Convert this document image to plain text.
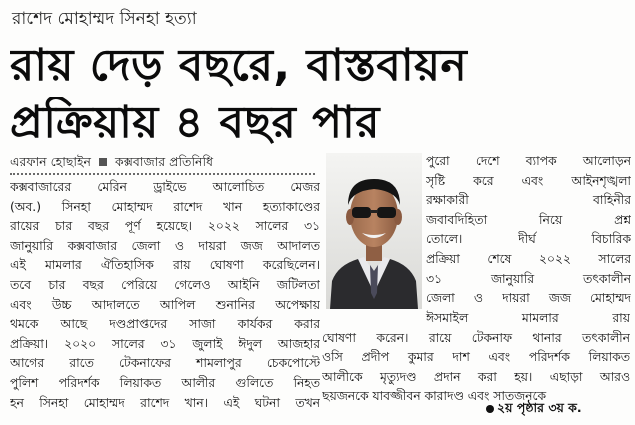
রাশেদ মোহাম্মদ সিনহা হত্যা
রায় দেড় বছরে, বাস্তবায়ন
প্রক্রিয়ায় ৪ বছর পার
এরফান হোছাইন কক্সবাজার প্রতিনিধি
কক্সবাজারের মেরিন ড্রাইভে আলোচিত মেজর
(অব.) সিনহা মোহাম্মদ রাশেদ খান হত্যাকাণ্ডের
রায়ের চার বছর পূর্ণ হয়েছে। ২০২২ সালের ৩১
জানুয়ারি কক্সবাজার জেলা ও দায়রা জজ আদালত
এই মামলার ঐতিহাসিক রায় ঘোষণা করেছিলেন।
তবে চার বছর পেরিয়ে গেলেও আইনি জটিলতা
এবং উচ্চ আদালতে আপিল শুনানির অপেক্ষায়
থমকে আছে দণ্ডপ্রাপ্তদের সাজা কার্যকর করার
প্রক্রিয়া। ২০২০ সালের ৩১ জুলাই ঈদুল আজহার
আগের রাতে টেকনাফের শামলাপুর চেকপোস্টে
পুলিশ পরিদর্শক লিয়াকত আলীর গুলিতে নিহত
হন সিনহা মোহাম্মদ রাশেদ খান। এই ঘটনা তখন
পুরো দেশে ব্যাপক আলোড়ন
সৃষ্টি করে এবং আইনশৃঙ্খলা
রক্ষাকারী বাহিনীর
জবাবদিহিতা নিয়ে প্রশ্ন
তোলে। দীর্ঘ বিচারিক
প্রক্রিয়া শেষে ২০২২ সালের
৩১ জানুয়ারি তৎকালীন
জেলা ও দায়রা জজ মোহাম্মদ
ঈসমাইল মামলার রায়
ঘোষণা করেন। রায়ে টেকনাফ থানার তৎকালীন
ওসি প্রদীপ কুমার দাশ এবং পরিদর্শক লিয়াকত
আলীকে মৃত্যুদণ্ড প্রদান করা হয়। এছাড়া আরও
ছয়জনকে যাবজ্জীবন কারাদণ্ড এবং সাতজনকে
২য় পৃষ্ঠার ৩য় ক.
